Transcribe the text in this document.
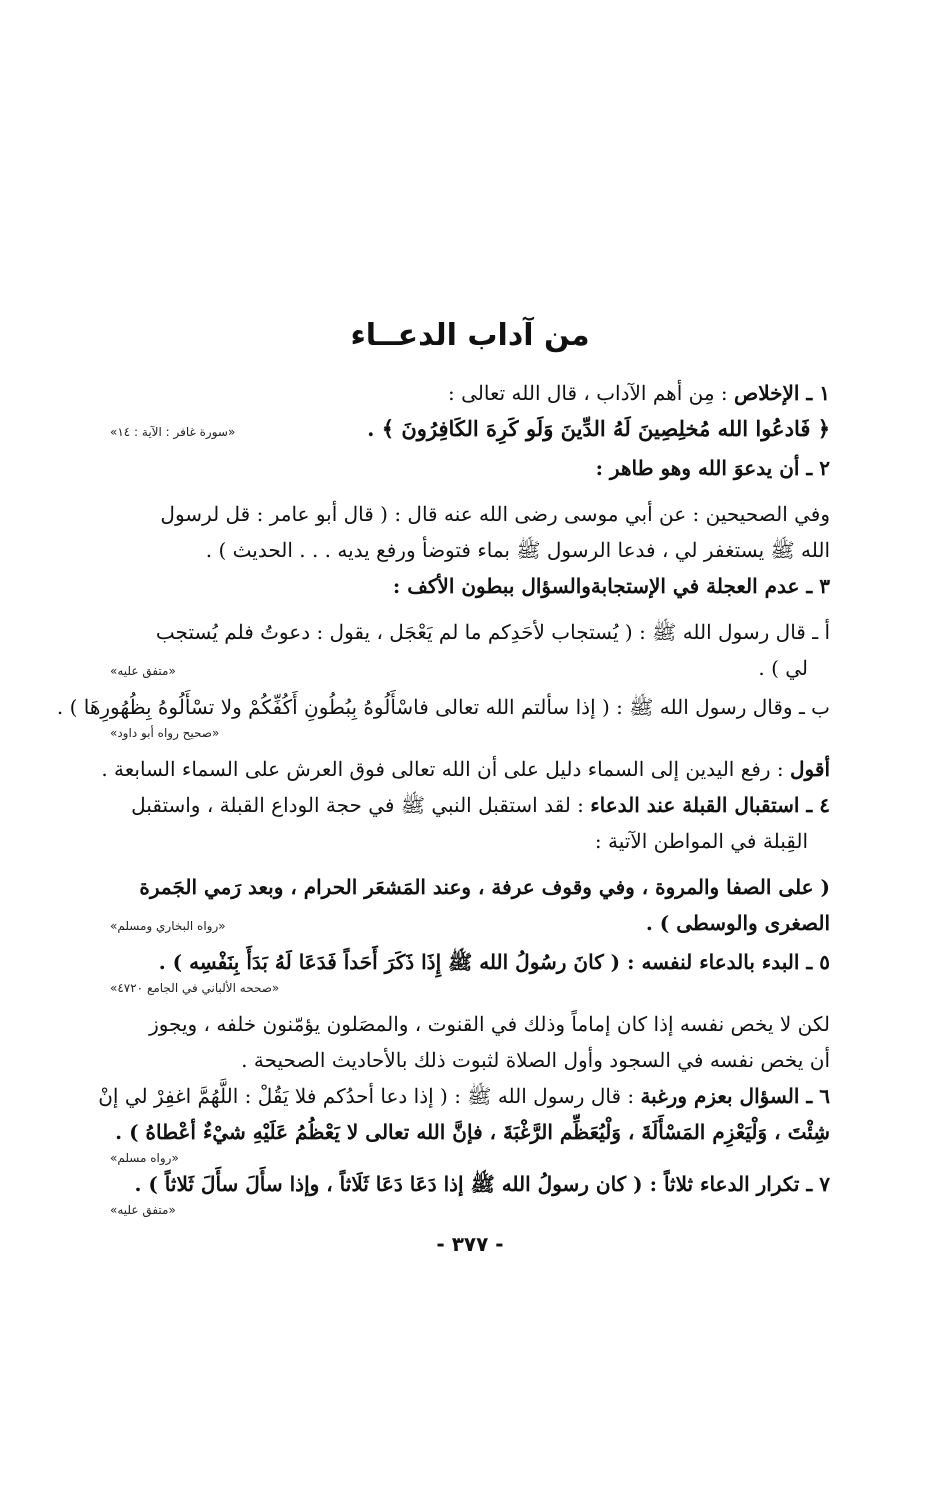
من آداب الدعــاء
١ ـ الإخلاص : مِن أهم الآداب ، قال الله تعالى :
﴿ فَادعُوا الله مُخلِصِينَ لَهُ الدِّينَ وَلَو كَرِهَ الكَافِرُونَ ﴾ .
«سورة غافر : الآية : ١٤»
٢ ـ أن يدعوَ الله وهو طاهر :
وفي الصحيحين : عن أبي موسى رضى الله عنه قال : ( قال أبو عامر : قل لرسول
الله ﷺ يستغفر لي ، فدعا الرسول ﷺ بماء فتوضأ ورفع يديه . . . الحديث ) .
٣ ـ عدم العجلة في الإستجابةوالسؤال ببطون الأكف :
أ ـ قال رسول الله ﷺ : ( يُستجاب لأحَدِكم ما لم يَعْجَل ، يقول : دعوتُ فلم يُستجب
لي ) .
«متفق عليه»
ب ـ وقال رسول الله ﷺ : ( إذا سألتم الله تعالى فاسْأَلُوهُ بِبُطُونِ أَكُفِّكُمْ ولا تسْأَلُوهُ بِظُهُورِهَا ) .
«صحيح رواه أبو داود»
أقول : رفع اليدين إلى السماء دليل على أن الله تعالى فوق العرش على السماء السابعة .
٤ ـ استقبال القبلة عند الدعاء : لقد استقبل النبي ﷺ في حجة الوداع القبلة ، واستقبل
القِبلة في المواطن الآتية :
( على الصفا والمروة ، وفي وقوف عرفة ، وعند المَشعَر الحرام ، وبعد رَمي الجَمرة
الصغرى والوسطى ) .
«رواه البخاري ومسلم»
٥ ـ البدء بالدعاء لنفسه : ( كانَ رسُولُ الله ﷺ إِذَا ذَكَرَ أَحَداً فَدَعَا لَهُ بَدَأَ بِنَفْسِه ) .
«صححه الألباني في الجامع ٤٧٢٠»
لكن لا يخص نفسه إذا كان إماماً وذلك في القنوت ، والمصَلون يؤمّنون خلفه ، ويجوز
أن يخص نفسه في السجود وأول الصلاة لثبوت ذلك بالأحاديث الصحيحة .
٦ ـ السؤال بعزم ورغبة : قال رسول الله ﷺ : ( إذا دعا أحدُكم فلا يَقُلْ : اللَّهُمَّ اغفِرْ لي إنْ
شِئْتَ ، وَلْيَعْزِم المَسْأَلَةَ ، وَلْيُعَظِّم الرَّغْبَةَ ، فإنَّ الله تعالى لا يَعْظُمُ عَلَيْهِ شيْءٌ أعْطاهُ ) .
«رواه مسلم»
٧ ـ تكرار الدعاء ثلاثاً : ( كان رسولُ الله ﷺ إذا دَعَا دَعَا ثَلَاثاً ، وإذا سأَلَ سأَلَ ثَلاثاً ) .
«متفق عليه»
- ٣٧٧ -
